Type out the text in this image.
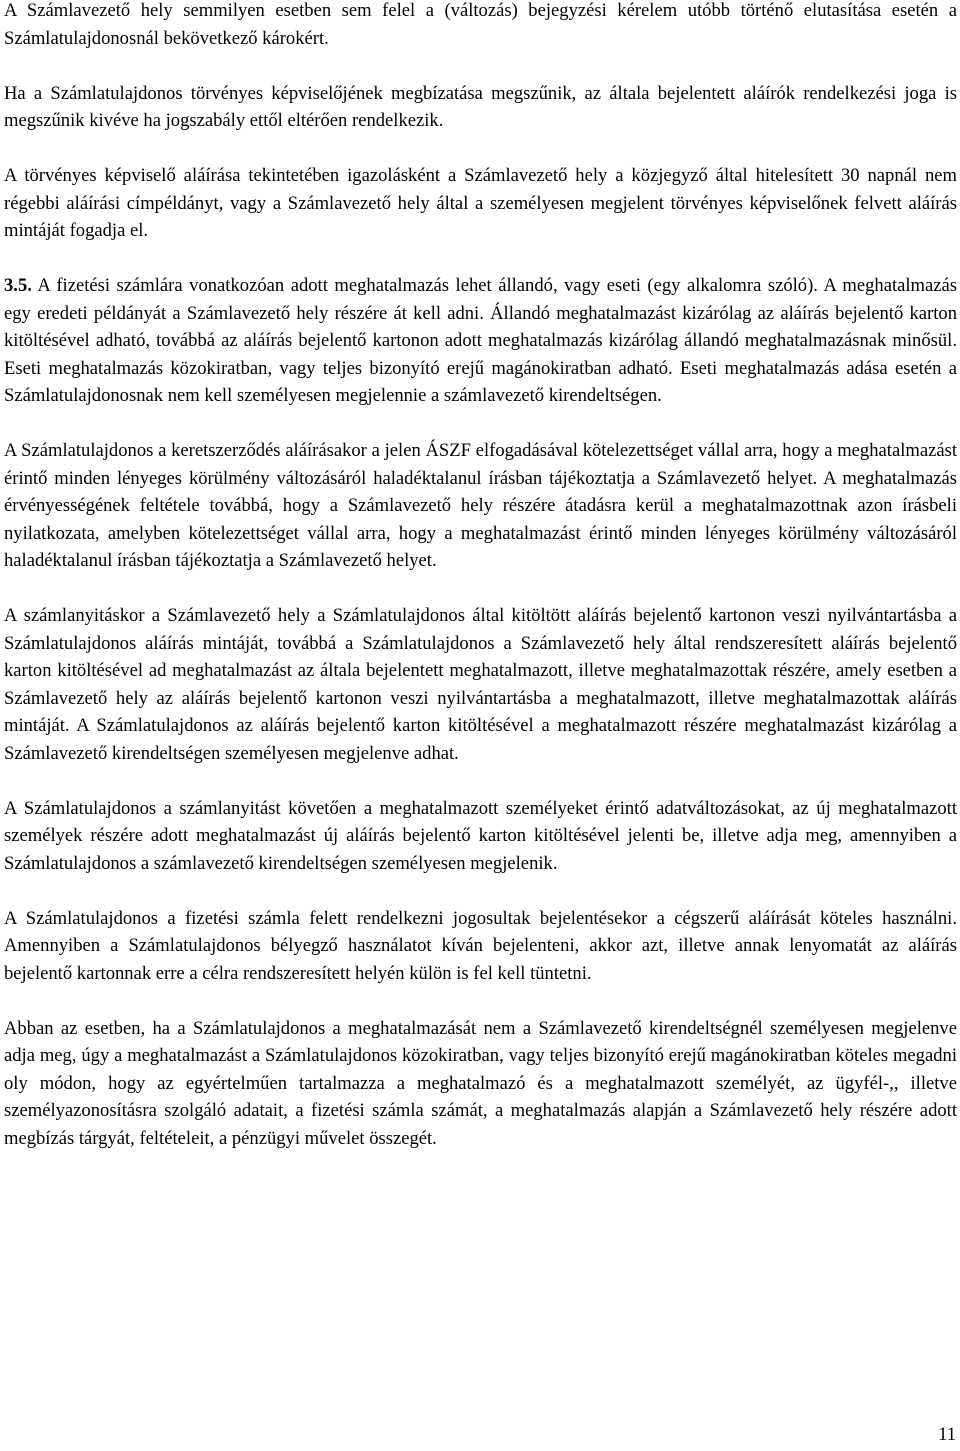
A Számlavezető hely semmilyen esetben sem felel a (változás) bejegyzési kérelem utóbb történő elutasítása esetén a Számlatulajdonosnál bekövetkező károkért.

Ha a Számlatulajdonos törvényes képviselőjének megbízatása megszűnik, az általa bejelentett aláírók rendelkezési joga is megszűnik kivéve ha jogszabály ettől eltérően rendelkezik.

A törvényes képviselő aláírása tekintetében igazolásként a Számlavezető hely a közjegyző által hitelesített 30 napnál nem régebbi aláírási címpéldányt, vagy a Számlavezető hely által a személyesen megjelent törvényes képviselőnek felvett aláírás mintáját fogadja el.

3.5. A fizetési számlára vonatkozóan adott meghatalmazás lehet állandó, vagy eseti (egy alkalomra szóló). A meghatalmazás egy eredeti példányát a Számlavezető hely részére át kell adni. Állandó meghatalmazást kizárólag az aláírás bejelentő karton kitöltésével adható, továbbá az aláírás bejelentő kartonon adott meghatalmazás kizárólag állandó meghatalmazásnak minősül. Eseti meghatalmazás közokiratban, vagy teljes bizonyító erejű magánokiratban adható. Eseti meghatalmazás adása esetén a Számlatulajdonosnak nem kell személyesen megjelennie a számlavezető kirendeltségen.

A Számlatulajdonos a keretszerződés aláírásakor a jelen ÁSZF elfogadásával kötelezettséget vállal arra, hogy a meghatalmazást érintő minden lényeges körülmény változásáról haladéktalanul írásban tájékoztatja a Számlavezető helyet. A meghatalmazás érvényességének feltétele továbbá, hogy a Számlavezető hely részére átadásra kerül a meghatalmazottnak azon írásbeli nyilatkozata, amelyben kötelezettséget vállal arra, hogy a meghatalmazást érintő minden lényeges körülmény változásáról haladéktalanul írásban tájékoztatja a Számlavezető helyet.

A számlanyitáskor a Számlavezető hely a Számlatulajdonos által kitöltött aláírás bejelentő kartonon veszi nyilvántartásba a Számlatulajdonos aláírás mintáját, továbbá a Számlatulajdonos a Számlavezető hely által rendszeresített aláírás bejelentő karton kitöltésével ad meghatalmazást az általa bejelentett meghatalmazott, illetve meghatalmazottak részére, amely esetben a Számlavezető hely az aláírás bejelentő kartonon veszi nyilvántartásba a meghatalmazott, illetve meghatalmazottak aláírás mintáját. A Számlatulajdonos az aláírás bejelentő karton kitöltésével a meghatalmazott részére meghatalmazást kizárólag a Számlavezető kirendeltségen személyesen megjelenve adhat.

A Számlatulajdonos a számlanyitást követően a meghatalmazott személyeket érintő adatváltozásokat, az új meghatalmazott személyek részére adott meghatalmazást új aláírás bejelentő karton kitöltésével jelenti be, illetve adja meg, amennyiben a Számlatulajdonos a számlavezető kirendeltségen személyesen megjelenik.

A Számlatulajdonos a fizetési számla felett rendelkezni jogosultak bejelentésekor a cégszerű aláírását köteles használni. Amennyiben a Számlatulajdonos bélyegző használatot kíván bejelenteni, akkor azt, illetve annak lenyomatát az aláírás bejelentő kartonnak erre a célra rendszeresített helyén külön is fel kell tüntetni.

Abban az esetben, ha a Számlatulajdonos a meghatalmazását nem a Számlavezető kirendeltségnél személyesen megjelenve adja meg, úgy a meghatalmazást a Számlatulajdonos közokiratban, vagy teljes bizonyító erejű magánokiratban köteles megadni oly módon, hogy az egyértelműen tartalmazza a meghatalmazó és a meghatalmazott személyét, az ügyfél-,, illetve személyazonosításra szolgáló adatait, a fizetési számla számát, a meghatalmazás alapján a Számlavezető hely részére adott megbízás tárgyát, feltételeit, a pénzügyi művelet összegét.

11
